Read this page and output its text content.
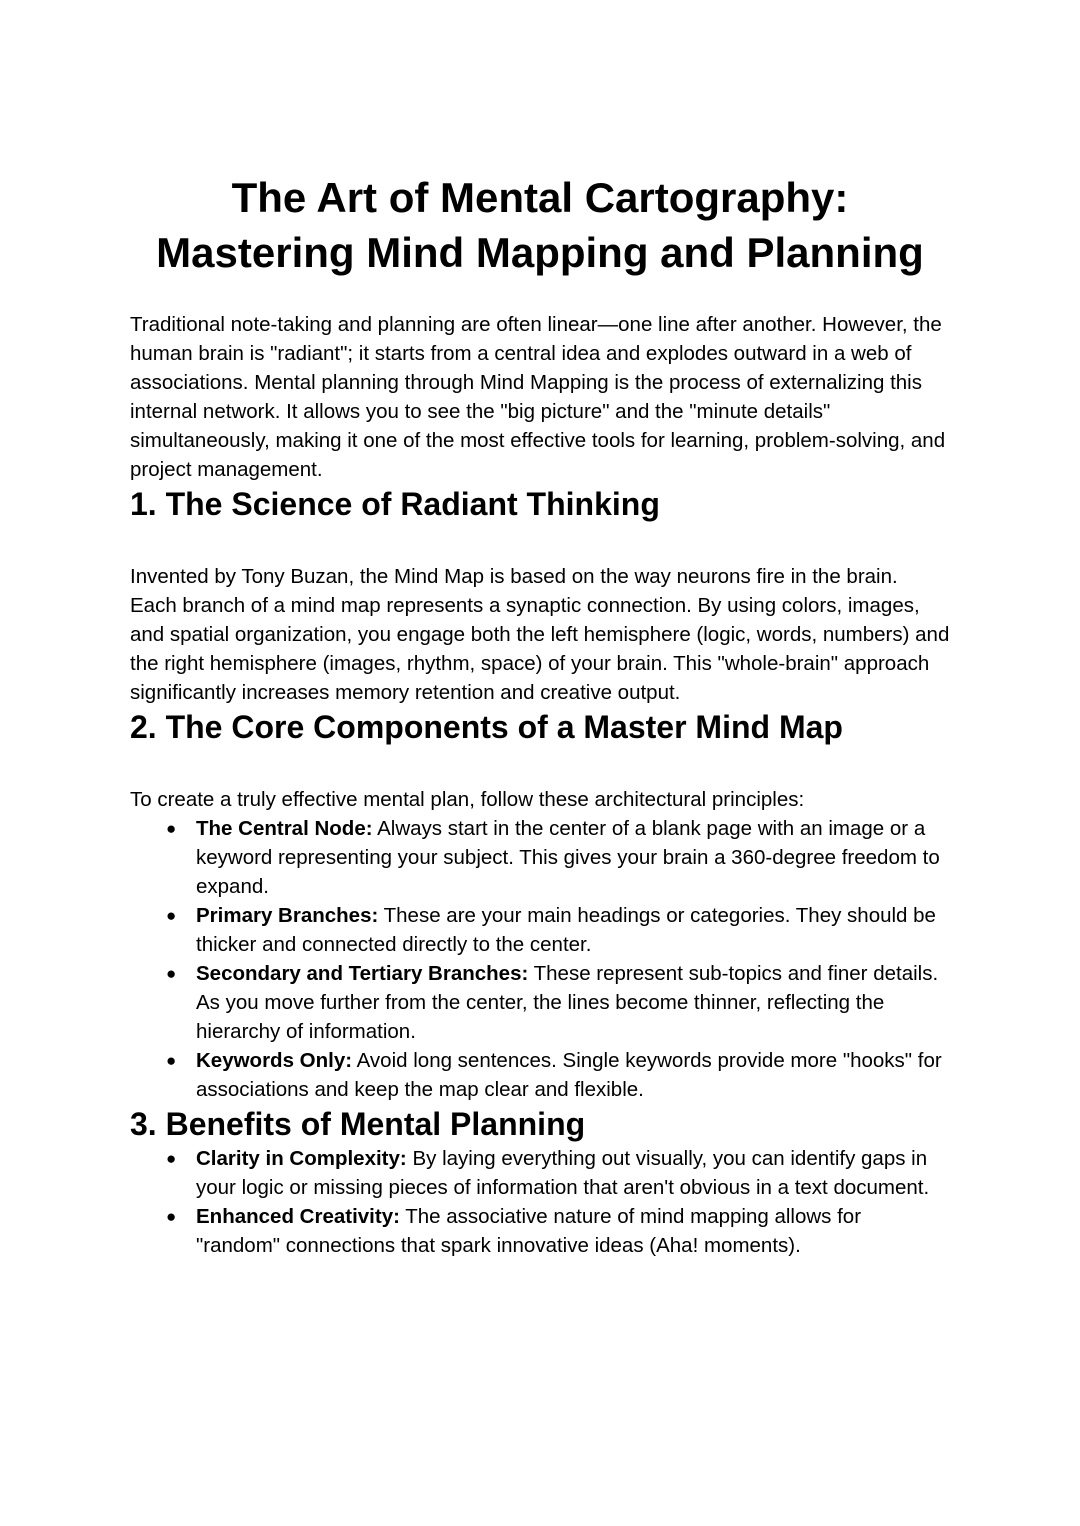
The Art of Mental Cartography:
Mastering Mind Mapping and Planning

Traditional note-taking and planning are often linear—one line after another. However, the human brain is "radiant"; it starts from a central idea and explodes outward in a web of associations. Mental planning through Mind Mapping is the process of externalizing this internal network. It allows you to see the "big picture" and the "minute details" simultaneously, making it one of the most effective tools for learning, problem-solving, and project management.

1. The Science of Radiant Thinking

Invented by Tony Buzan, the Mind Map is based on the way neurons fire in the brain. Each branch of a mind map represents a synaptic connection. By using colors, images, and spatial organization, you engage both the left hemisphere (logic, words, numbers) and the right hemisphere (images, rhythm, space) of your brain. This "whole-brain" approach significantly increases memory retention and creative output.

2. The Core Components of a Master Mind Map

To create a truly effective mental plan, follow these architectural principles:

● The Central Node: Always start in the center of a blank page with an image or a keyword representing your subject. This gives your brain a 360-degree freedom to expand.
● Primary Branches: These are your main headings or categories. They should be thicker and connected directly to the center.
● Secondary and Tertiary Branches: These represent sub-topics and finer details. As you move further from the center, the lines become thinner, reflecting the hierarchy of information.
● Keywords Only: Avoid long sentences. Single keywords provide more "hooks" for associations and keep the map clear and flexible.
3. Benefits of Mental Planning
● Clarity in Complexity: By laying everything out visually, you can identify gaps in your logic or missing pieces of information that aren't obvious in a text document.
● Enhanced Creativity: The associative nature of mind mapping allows for "random" connections that spark innovative ideas (Aha! moments).
